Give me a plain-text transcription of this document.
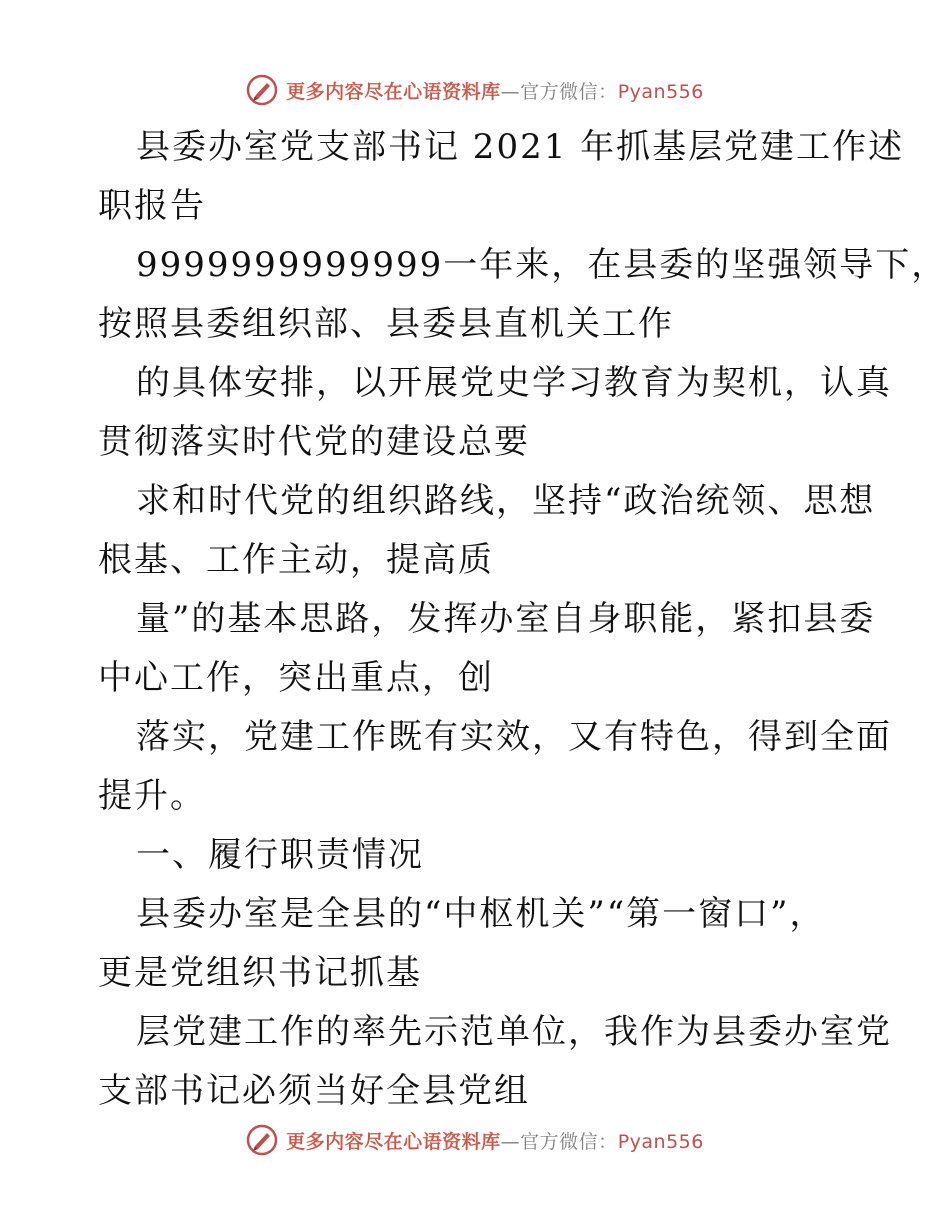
更多内容尽在心语资料库—官方微信：Pyan556
县委办室党支部书记 2021 年抓基层党建工作述
职报告
9999999999999一年来，在县委的坚强领导下，
按照县委组织部、县委县直机关工作
的具体安排，以开展党史学习教育为契机，认真
贯彻落实时代党的建设总要
求和时代党的组织路线，坚持“政治统领、思想
根基、工作主动，提高质
量”的基本思路，发挥办室自身职能，紧扣县委
中心工作，突出重点，创
落实，党建工作既有实效，又有特色，得到全面
提升。
一、履行职责情况
县委办室是全县的“中枢机关”“第一窗口”，
更是党组织书记抓基
层党建工作的率先示范单位，我作为县委办室党
支部书记必须当好全县党组
更多内容尽在心语资料库—官方微信：Pyan556
